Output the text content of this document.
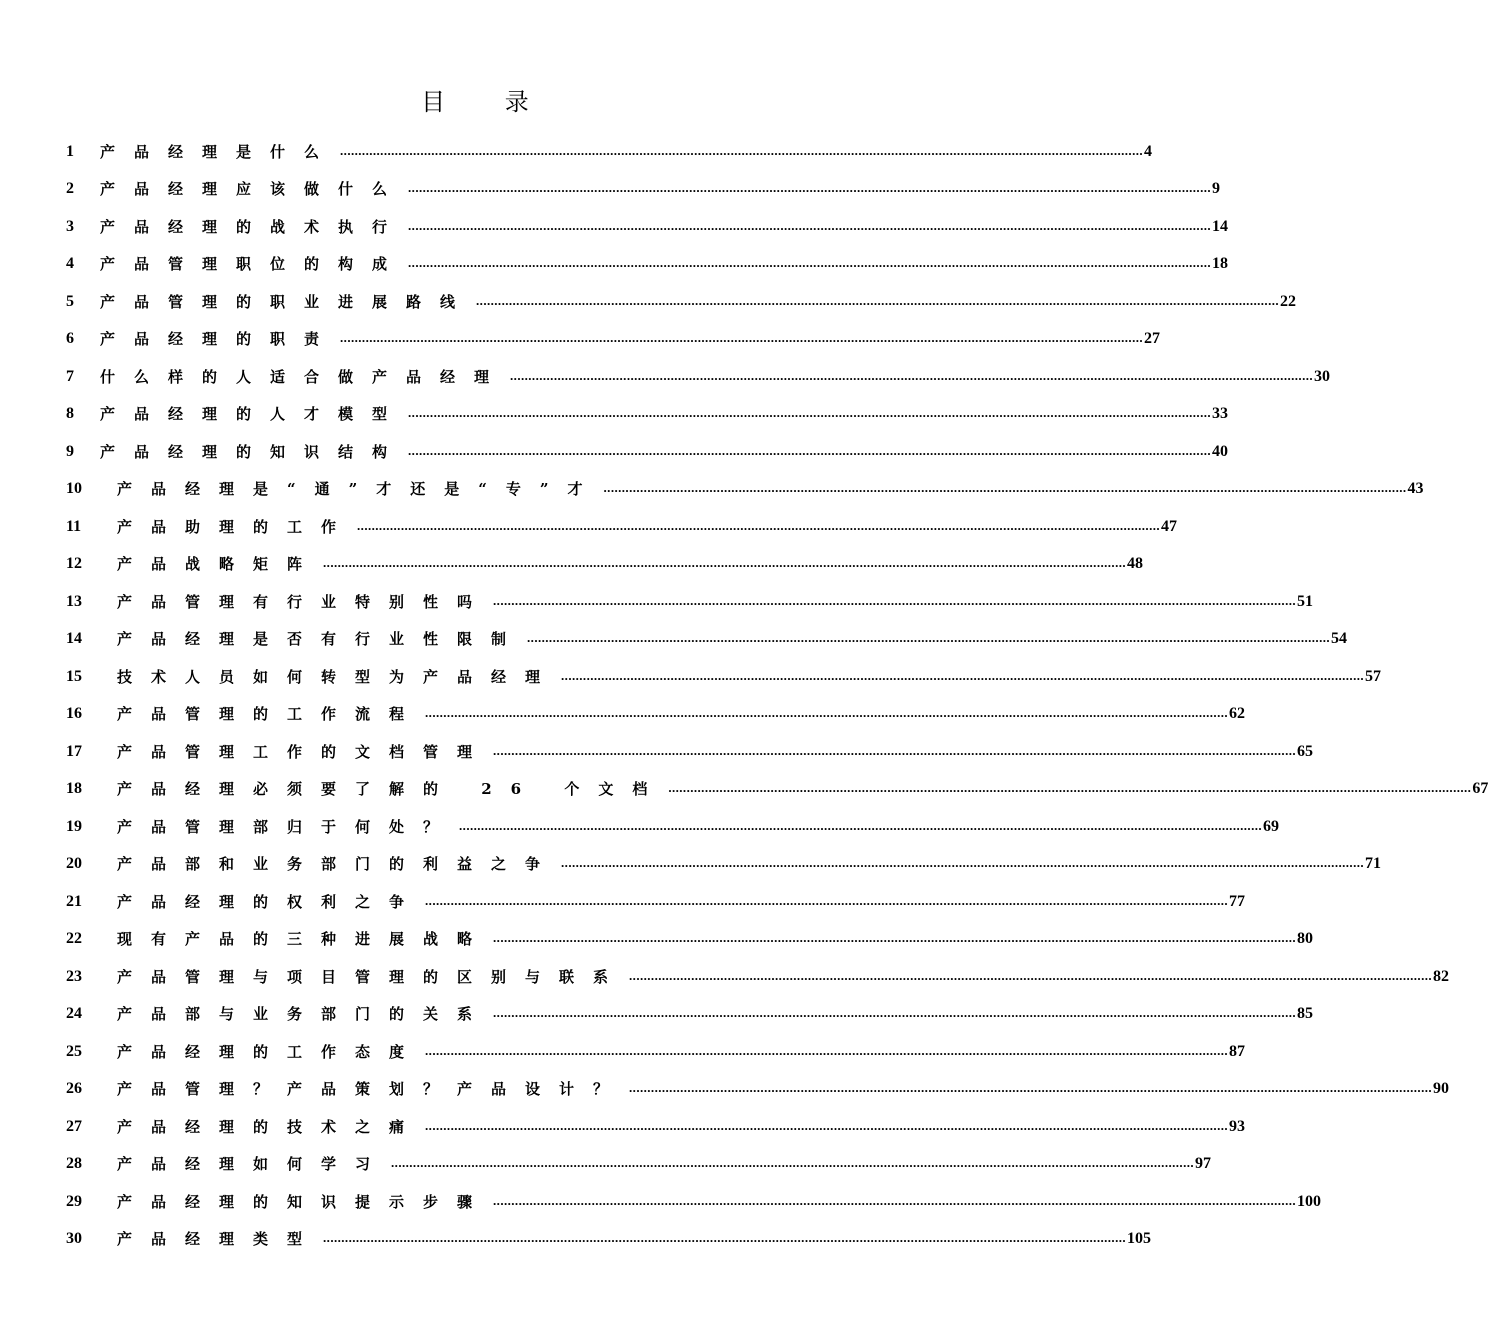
目 录
1	产品经理是什么 ............................................................................................................................................................................................................................ 4
2	产品经理应该做什么 ............................................................................................................................................................................................................................ 9
3	产品经理的战术执行 ............................................................................................................................................................................................................................ 14
4	产品管理职位的构成 ............................................................................................................................................................................................................................ 18
5	产品管理的职业进展路线 ............................................................................................................................................................................................................................ 22
6	产品经理的职责 ............................................................................................................................................................................................................................ 27
7	什么样的人适合做产品经理 ............................................................................................................................................................................................................................ 30
8	产品经理的人才模型 ............................................................................................................................................................................................................................ 33
9	产品经理的知识结构 ............................................................................................................................................................................................................................ 40
10	产品经理是“通”才还是“专”才 ............................................................................................................................................................................................................................ 43
11	产品助理的工作 ............................................................................................................................................................................................................................ 47
12	产品战略矩阵 ............................................................................................................................................................................................................................ 48
13	产品管理有行业特别性吗 ............................................................................................................................................................................................................................ 51
14	产品经理是否有行业性限制 ............................................................................................................................................................................................................................ 54
15	技术人员如何转型为产品经理 ............................................................................................................................................................................................................................ 57
16	产品管理的工作流程 ............................................................................................................................................................................................................................ 62
17	产品管理工作的文档管理 ............................................................................................................................................................................................................................ 65
18	产品经理必须要了解的 26 个文档 ............................................................................................................................................................................................................................ 67
19	产品管理部归于何处？ ............................................................................................................................................................................................................................ 69
20	产品部和业务部门的利益之争 ............................................................................................................................................................................................................................ 71
21	产品经理的权利之争 ............................................................................................................................................................................................................................ 77
22	现有产品的三种进展战略 ............................................................................................................................................................................................................................ 80
23	产品管理与项目管理的区别与联系 ............................................................................................................................................................................................................................ 82
24	产品部与业务部门的关系 ............................................................................................................................................................................................................................ 85
25	产品经理的工作态度 ............................................................................................................................................................................................................................ 87
26	产品管理？产品策划？产品设计？ ............................................................................................................................................................................................................................ 90
27	产品经理的技术之痛 ............................................................................................................................................................................................................................ 93
28	产品经理如何学习 ............................................................................................................................................................................................................................ 97
29	产品经理的知识提示步骤 ............................................................................................................................................................................................................................ 100
30	产品经理类型 ............................................................................................................................................................................................................................ 105
